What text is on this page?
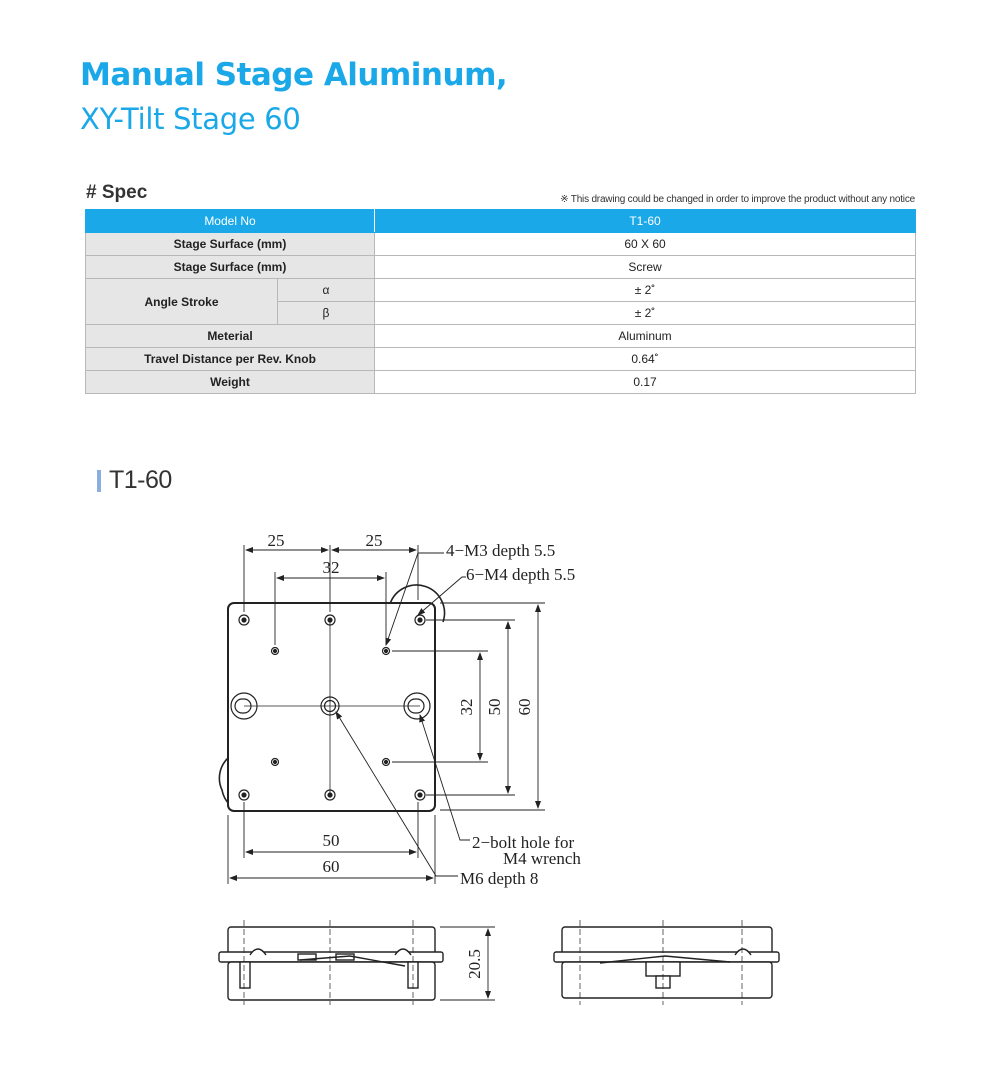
Manual Stage Aluminum,
XY-Tilt Stage 60
# Spec	※ This drawing could be changed in order to improve the product without any notice
Model No		T1-60
Stage Surface (mm)		60 X 60
Stage Surface (mm)		Screw
Angle Stroke	α	± 2˚
	β	± 2˚
Meterial		Aluminum
Travel Distance per Rev. Knob		0.64˚
Weight		0.17
T1-60
25	25
32
4−M3 depth 5.5
6−M4 depth 5.5
32 50 60
50
60
2−bolt hole for
M4 wrench
M6 depth 8
20.5
